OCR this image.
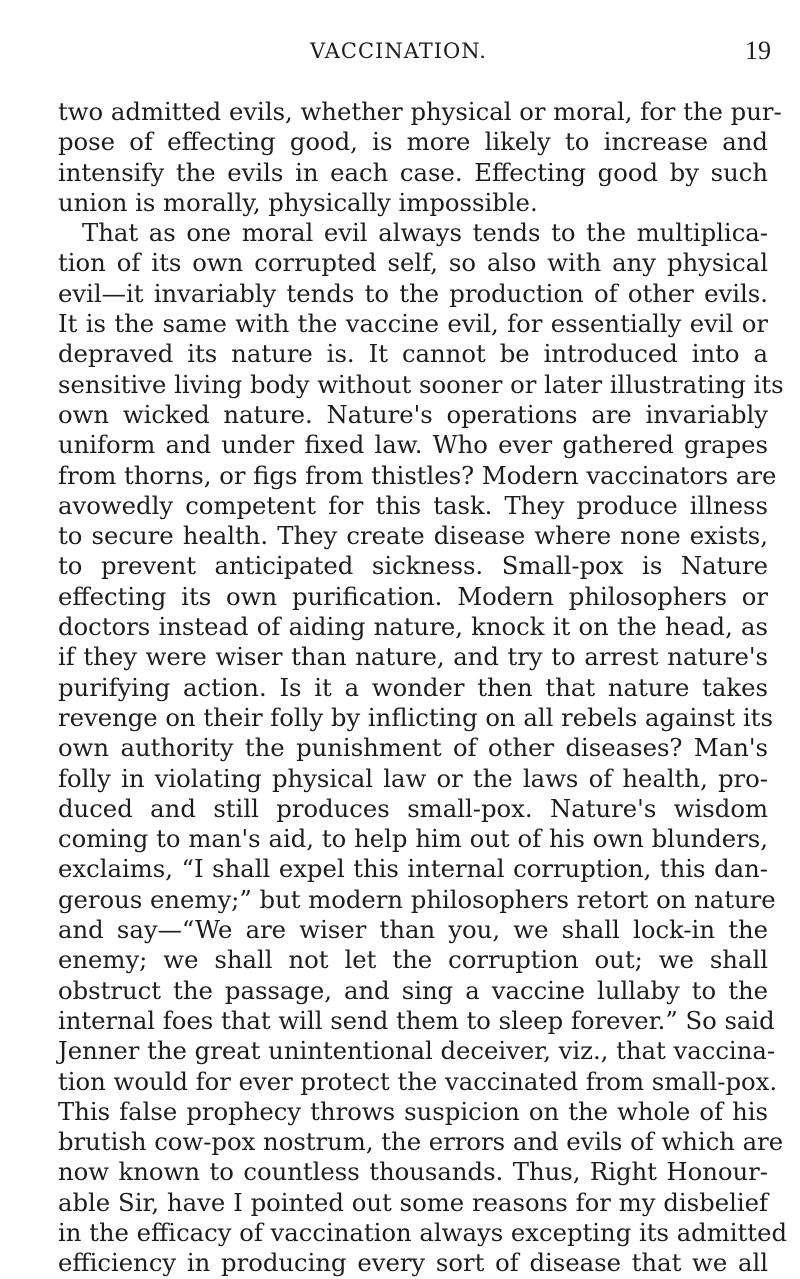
VACCINATION.	19
two admitted evils, whether physical or moral, for the pur-
pose of effecting good, is more likely to increase and
intensify the evils in each case. Effecting good by such
union is morally, physically impossible.
That as one moral evil always tends to the multiplica-
tion of its own corrupted self, so also with any physical
evil—it invariably tends to the production of other evils.
It is the same with the vaccine evil, for essentially evil or
depraved its nature is. It cannot be introduced into a
sensitive living body without sooner or later illustrating its
own wicked nature. Nature's operations are invariably
uniform and under fixed law. Who ever gathered grapes
from thorns, or figs from thistles? Modern vaccinators are
avowedly competent for this task. They produce illness
to secure health. They create disease where none exists,
to prevent anticipated sickness. Small-pox is Nature
effecting its own purification. Modern philosophers or
doctors instead of aiding nature, knock it on the head, as
if they were wiser than nature, and try to arrest nature's
purifying action. Is it a wonder then that nature takes
revenge on their folly by inflicting on all rebels against its
own authority the punishment of other diseases? Man's
folly in violating physical law or the laws of health, pro-
duced and still produces small-pox. Nature's wisdom
coming to man's aid, to help him out of his own blunders,
exclaims, “I shall expel this internal corruption, this dan-
gerous enemy;” but modern philosophers retort on nature
and say—“We are wiser than you, we shall lock-in the
enemy; we shall not let the corruption out; we shall
obstruct the passage, and sing a vaccine lullaby to the
internal foes that will send them to sleep forever.” So said
Jenner the great unintentional deceiver, viz., that vaccina-
tion would for ever protect the vaccinated from small-pox.
This false prophecy throws suspicion on the whole of his
brutish cow-pox nostrum, the errors and evils of which are
now known to countless thousands. Thus, Right Honour-
able Sir, have I pointed out some reasons for my disbelief
in the efficacy of vaccination always excepting its admitted
efficiency in producing every sort of disease that we all
